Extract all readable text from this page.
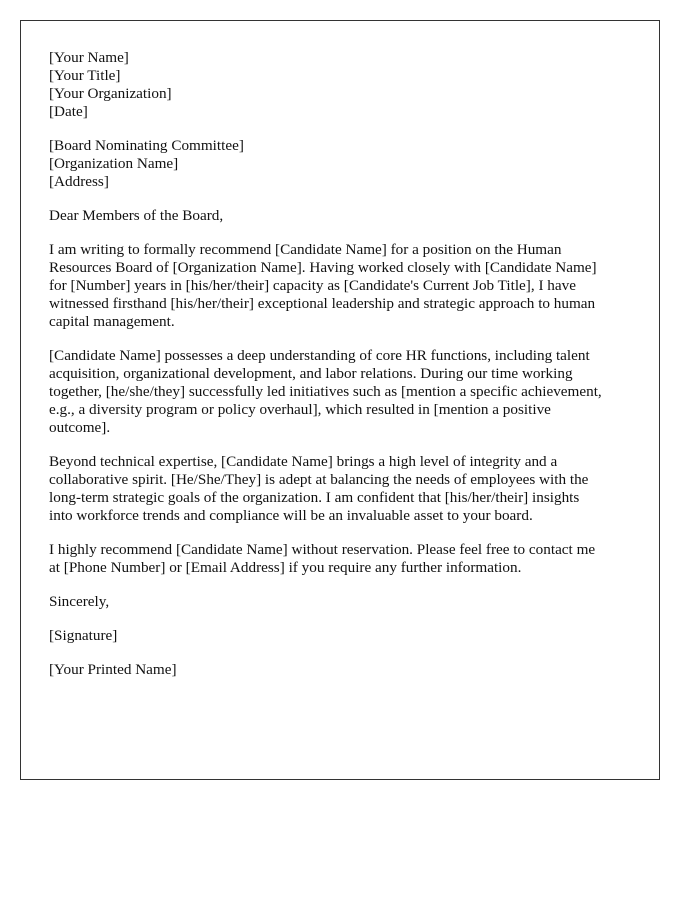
[Your Name]
[Your Title]
[Your Organization]
[Date]
[Board Nominating Committee]
[Organization Name]
[Address]

Dear Members of the Board,

I am writing to formally recommend [Candidate Name] for a position on the Human
Resources Board of [Organization Name]. Having worked closely with [Candidate Name]
for [Number] years in [his/her/their] capacity as [Candidate's Current Job Title], I have
witnessed firsthand [his/her/their] exceptional leadership and strategic approach to human
capital management.

[Candidate Name] possesses a deep understanding of core HR functions, including talent
acquisition, organizational development, and labor relations. During our time working
together, [he/she/they] successfully led initiatives such as [mention a specific achievement,
e.g., a diversity program or policy overhaul], which resulted in [mention a positive
outcome].

Beyond technical expertise, [Candidate Name] brings a high level of integrity and a
collaborative spirit. [He/She/They] is adept at balancing the needs of employees with the
long-term strategic goals of the organization. I am confident that [his/her/their] insights
into workforce trends and compliance will be an invaluable asset to your board.

I highly recommend [Candidate Name] without reservation. Please feel free to contact me
at [Phone Number] or [Email Address] if you require any further information.

Sincerely,

[Signature]

[Your Printed Name]
